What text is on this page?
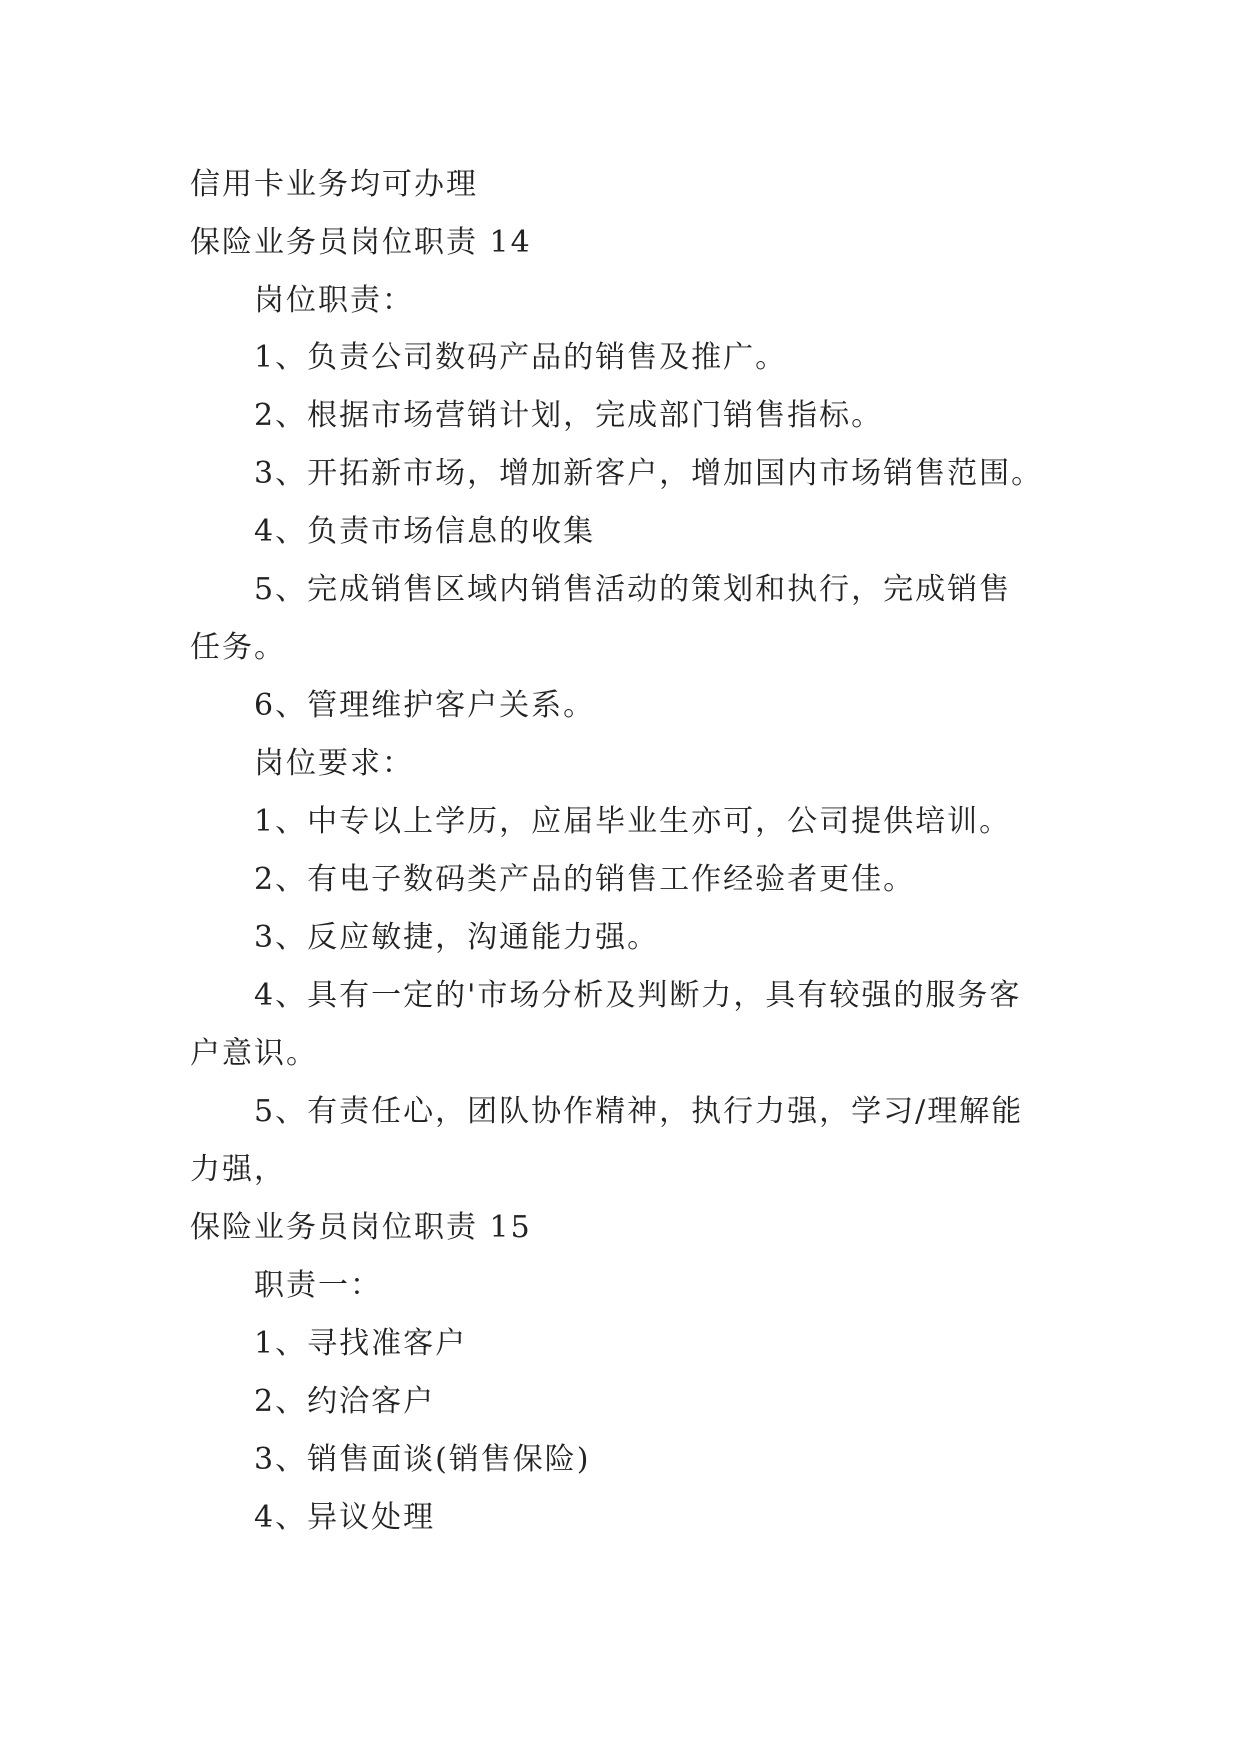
信用卡业务均可办理
保险业务员岗位职责 14
岗位职责：
1、负责公司数码产品的销售及推广。
2、根据市场营销计划，完成部门销售指标。
3、开拓新市场，增加新客户，增加国内市场销售范围。
4、负责市场信息的收集
5、完成销售区域内销售活动的策划和执行，完成销售
任务。
6、管理维护客户关系。
岗位要求：
1、中专以上学历，应届毕业生亦可，公司提供培训。
2、有电子数码类产品的销售工作经验者更佳。
3、反应敏捷，沟通能力强。
4、具有一定的'市场分析及判断力，具有较强的服务客
户意识。
5、有责任心，团队协作精神，执行力强，学习/理解能
力强，
保险业务员岗位职责 15
职责一：
1、寻找准客户
2、约洽客户
3、销售面谈(销售保险)
4、异议处理
